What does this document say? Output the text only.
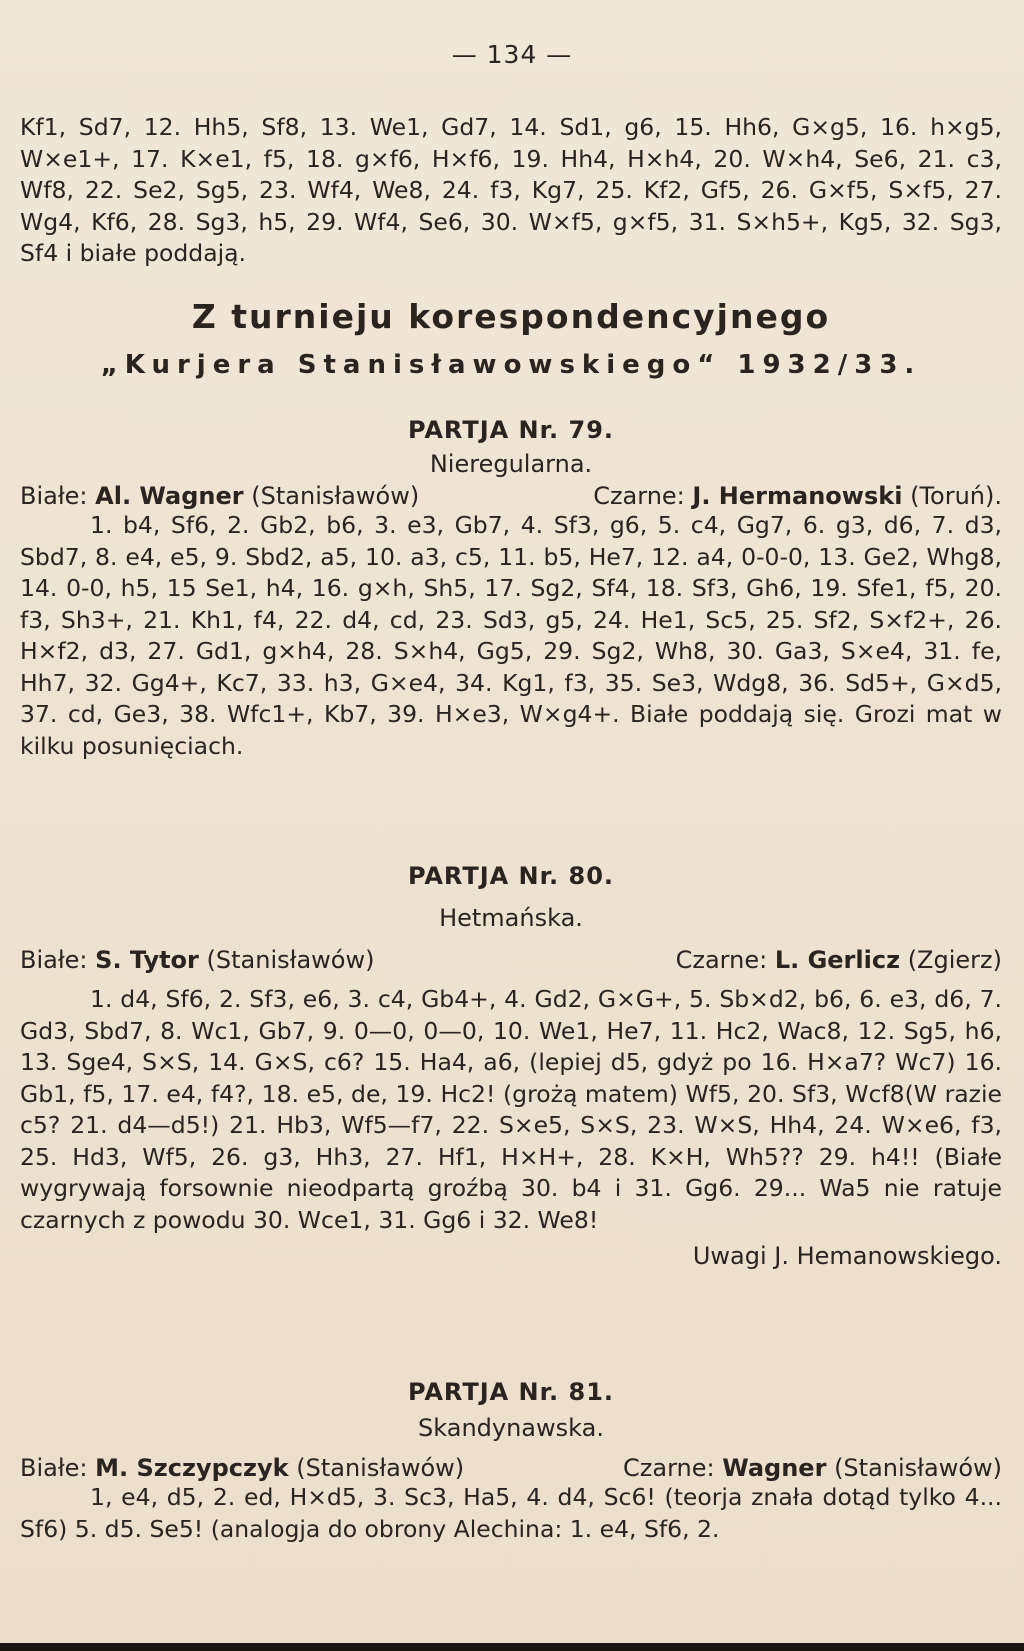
— 134 —

Kf1, Sd7, 12. Hh5, Sf8, 13. We1, Gd7, 14. Sd1, g6, 15. Hh6, G×g5, 16. h×g5, W×e1+, 17. K×e1, f5, 18. g×f6, H×f6, 19. Hh4, H×h4, 20. W×h4, Se6, 21. c3, Wf8, 22. Se2, Sg5, 23. Wf4, We8, 24. f3, Kg7, 25. Kf2, Gf5, 26. G×f5, S×f5, 27. Wg4, Kf6, 28. Sg3, h5, 29. Wf4, Se6, 30. W×f5, g×f5, 31. S×h5+, Kg5, 32. Sg3, Sf4 i białe poddają.

Z turnieju korespondencyjnego

„Kurjera Stanisławowskiego“ 1932/33.

PARTJA Nr. 79.

Nieregularna.

Białe: Al. Wagner (Stanisławów)	Czarne: J. Hermanowski (Toruń).

1. b4, Sf6, 2. Gb2, b6, 3. e3, Gb7, 4. Sf3, g6, 5. c4, Gg7, 6. g3, d6, 7. d3, Sbd7, 8. e4, e5, 9. Sbd2, a5, 10. a3, c5, 11. b5, He7, 12. a4, 0-0-0, 13. Ge2, Whg8, 14. 0-0, h5, 15 Se1, h4, 16. g×h, Sh5, 17. Sg2, Sf4, 18. Sf3, Gh6, 19. Sfe1, f5, 20. f3, Sh3+, 21. Kh1, f4, 22. d4, cd, 23. Sd3, g5, 24. He1, Sc5, 25. Sf2, S×f2+, 26. H×f2, d3, 27. Gd1, g×h4, 28. S×h4, Gg5, 29. Sg2, Wh8, 30. Ga3, S×e4, 31. fe, Hh7, 32. Gg4+, Kc7, 33. h3, G×e4, 34. Kg1, f3, 35. Se3, Wdg8, 36. Sd5+, G×d5, 37. cd, Ge3, 38. Wfc1+, Kb7, 39. H×e3, W×g4+. Białe poddają się. Grozi mat w kilku posunięciach.

PARTJA Nr. 80.

Hetmańska.

Białe: S. Tytor (Stanisławów)	Czarne: L. Gerlicz (Zgierz)

1. d4, Sf6, 2. Sf3, e6, 3. c4, Gb4+, 4. Gd2, G×G+, 5. Sb×d2, b6, 6. e3, d6, 7. Gd3, Sbd7, 8. Wc1, Gb7, 9. 0—0, 0—0, 10. We1, He7, 11. Hc2, Wac8, 12. Sg5, h6, 13. Sge4, S×S, 14. G×S, c6? 15. Ha4, a6, (lepiej d5, gdyż po 16. H×a7? Wc7) 16. Gb1, f5, 17. e4, f4?, 18. e5, de, 19. Hc2! (grożą matem) Wf5, 20. Sf3, Wcf8(W razie c5? 21. d4—d5!) 21. Hb3, Wf5—f7, 22. S×e5, S×S, 23. W×S, Hh4, 24. W×e6, f3, 25. Hd3, Wf5, 26. g3, Hh3, 27. Hf1, H×H+, 28. K×H, Wh5?? 29. h4!! (Białe wygrywają forsownie nieodpartą groźbą 30. b4 i 31. Gg6. 29... Wa5 nie ratuje czarnych z powodu 30. Wce1, 31. Gg6 i 32. We8!

Uwagi J. Hemanowskiego.

PARTJA Nr. 81.

Skandynawska.

Białe: M. Szczypczyk (Stanisławów)	Czarne: Wagner (Stanisławów)

1, e4, d5, 2. ed, H×d5, 3. Sc3, Ha5, 4. d4, Sc6! (teorja znała dotąd tylko 4... Sf6) 5. d5. Se5! (analogja do obrony Alechina: 1. e4, Sf6, 2.
